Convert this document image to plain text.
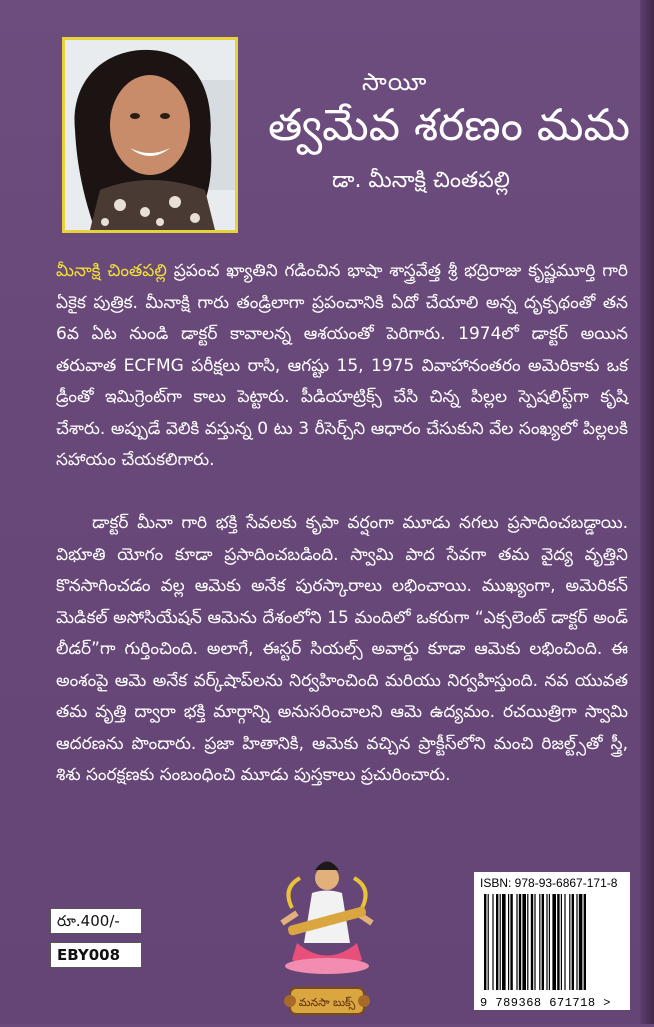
సాయీ
త్వమేవ శరణం మమ
డా. మీనాక్షి చింతపల్లి
మీనాక్షి చింతపల్లి ప్రపంచ ఖ్యాతిని గడించిన భాషా శాస్త్రవేత్త శ్రీ భద్రిరాజు కృష్ణమూర్తి గారి ఏకైక పుత్రిక. మీనాక్షి గారు తండ్రిలాగా ప్రపంచానికి ఏదో చేయాలి అన్న దృక్పథంతో తన 6వ ఏట నుండి డాక్టర్ కావాలన్న ఆశయంతో పెరిగారు. 1974లో డాక్టర్ అయిన తరువాత ECFMG పరీక్షలు రాసి, ఆగష్టు 15, 1975 వివాహానంతరం అమెరికాకు ఒక డ్రీంతో ఇమిగ్రెంట్‌గా కాలు పెట్టారు. పీడియాట్రిక్స్ చేసి చిన్న పిల్లల స్పెషలిస్ట్‌గా కృషి చేశారు. అప్పుడే వెలికి వస్తున్న 0 టు 3 రీసెర్చ్‌ని ఆధారం చేసుకుని వేల సంఖ్యలో పిల్లలకి సహాయం చేయకలిగారు.
డాక్టర్ మీనా గారి భక్తి సేవలకు కృపా వర్షంగా మూడు నగలు ప్రసాదించబడ్డాయి. విభూతి యోగం కూడా ప్రసాదించబడింది. స్వామి పాద సేవగా తమ వైద్య వృత్తిని కొనసాగించడం వల్ల ఆమెకు అనేక పురస్కారాలు లభించాయి. ముఖ్యంగా, అమెరికన్ మెడికల్ అసోసియేషన్ ఆమెను దేశంలోని 15 మందిలో ఒకరుగా “ఎక్సలెంట్ డాక్టర్ అండ్ లీడర్”గా గుర్తించింది. అలాగే, ఈస్టర్ సియల్స్ అవార్డు కూడా ఆమెకు లభించింది. ఈ అంశంపై ఆమె అనేక వర్క్‌షాప్‌లను నిర్వహించింది మరియు నిర్వహిస్తుంది. నవ యువత తమ వృత్తి ద్వారా భక్తి మార్గాన్ని అనుసరించాలని ఆమె ఉద్యమం. రచయిత్రిగా స్వామి ఆదరణను పొందారు. ప్రజా హితానికి, ఆమెకు వచ్చిన ప్రాక్టీస్‌లోని మంచి రిజల్ట్స్‌తో స్త్రీ, శిశు సంరక్షణకు సంబంధించి మూడు పుస్తకాలు ప్రచురించారు.
మనసా బుక్స్
రూ.400/-
EBY008
ISBN: 978-93-6867-171-8
9 789368 671718 >
